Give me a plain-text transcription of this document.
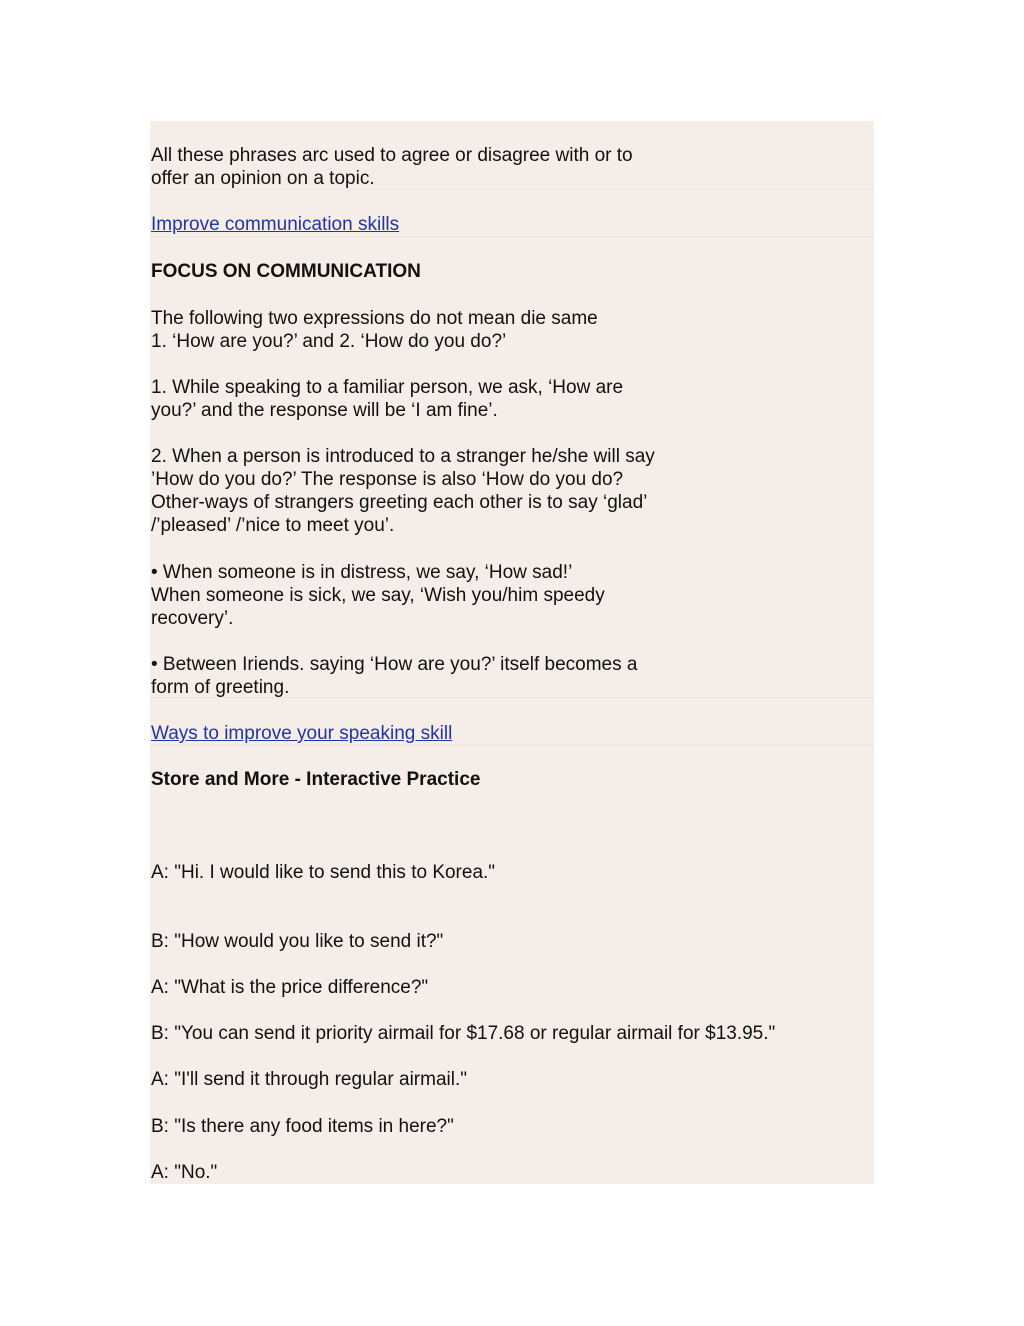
All these phrases arc used to agree or disagree with or to
offer an opinion on a topic.
Improve communication skills
FOCUS ON COMMUNICATION
The following two expressions do not mean die same
1. ‘How are you?’ and 2. ‘How do you do?’
1. While speaking to a familiar person, we ask, ‘How are
you?’ and the response will be ‘I am fine’.
2. When a person is introduced to a stranger he/she will say
’How do you do?’ The response is also ‘How do you do?
Other-ways of strangers greeting each other is to say ‘glad’
/’pleased’ /’nice to meet you’.
• When someone is in distress, we say, ‘How sad!’
When someone is sick, we say, ‘Wish you/him speedy
recovery’.
• Between Iriends. saying ‘How are you?’ itself becomes a
form of greeting.
Ways to improve your speaking skill
Store and More - Interactive Practice
A: "Hi. I would like to send this to Korea."
B: "How would you like to send it?"
A: "What is the price difference?"
B: "You can send it priority airmail for $17.68 or regular airmail for $13.95."
A: "I'll send it through regular airmail."
B: "Is there any food items in here?"
A: "No."
